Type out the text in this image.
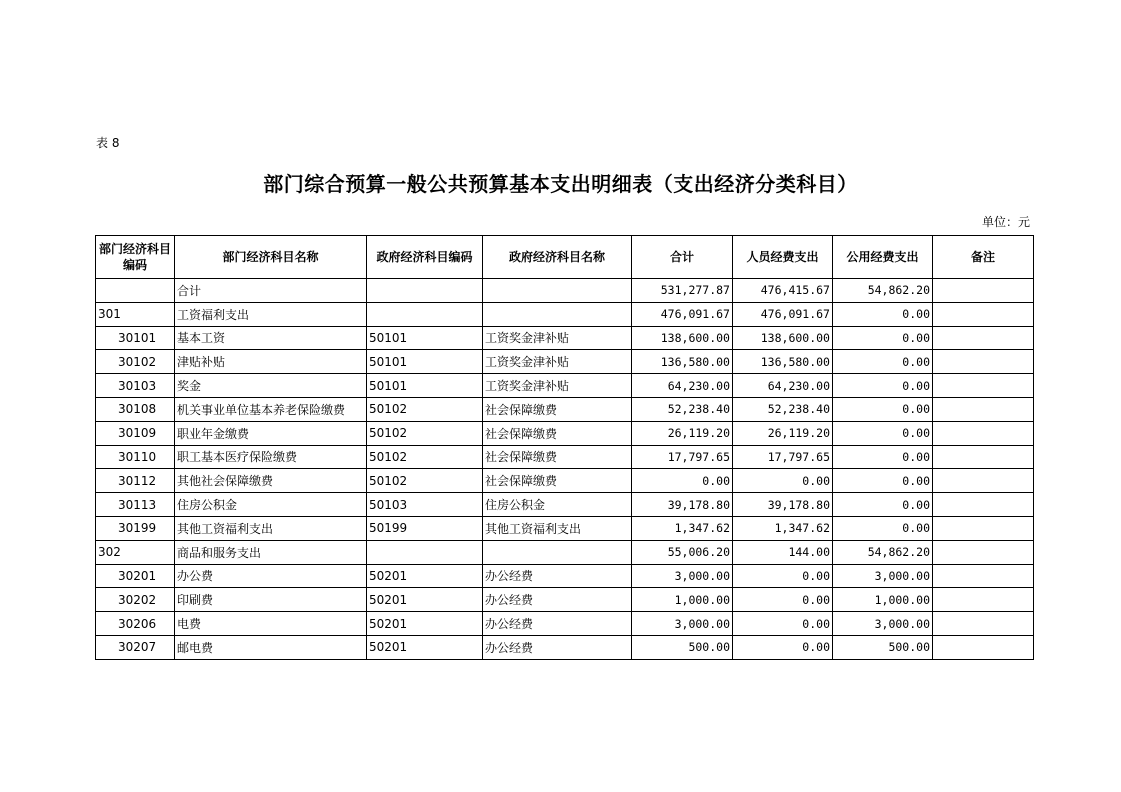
表 8
部门综合预算一般公共预算基本支出明细表（支出经济分类科目）
单位：元
部门经济科目编码	部门经济科目名称	政府经济科目编码	政府经济科目名称	合计	人员经费支出	公用经费支出	备注
	合计			531,277.87	476,415.67	54,862.20	
301	工资福利支出			476,091.67	476,091.67	0.00	
30101	基本工资	50101	工资奖金津补贴	138,600.00	138,600.00	0.00	
30102	津贴补贴	50101	工资奖金津补贴	136,580.00	136,580.00	0.00	
30103	奖金	50101	工资奖金津补贴	64,230.00	64,230.00	0.00	
30108	机关事业单位基本养老保险缴费	50102	社会保障缴费	52,238.40	52,238.40	0.00	
30109	职业年金缴费	50102	社会保障缴费	26,119.20	26,119.20	0.00	
30110	职工基本医疗保险缴费	50102	社会保障缴费	17,797.65	17,797.65	0.00	
30112	其他社会保障缴费	50102	社会保障缴费	0.00	0.00	0.00	
30113	住房公积金	50103	住房公积金	39,178.80	39,178.80	0.00	
30199	其他工资福利支出	50199	其他工资福利支出	1,347.62	1,347.62	0.00	
302	商品和服务支出			55,006.20	144.00	54,862.20	
30201	办公费	50201	办公经费	3,000.00	0.00	3,000.00	
30202	印刷费	50201	办公经费	1,000.00	0.00	1,000.00	
30206	电费	50201	办公经费	3,000.00	0.00	3,000.00	
30207	邮电费	50201	办公经费	500.00	0.00	500.00	
